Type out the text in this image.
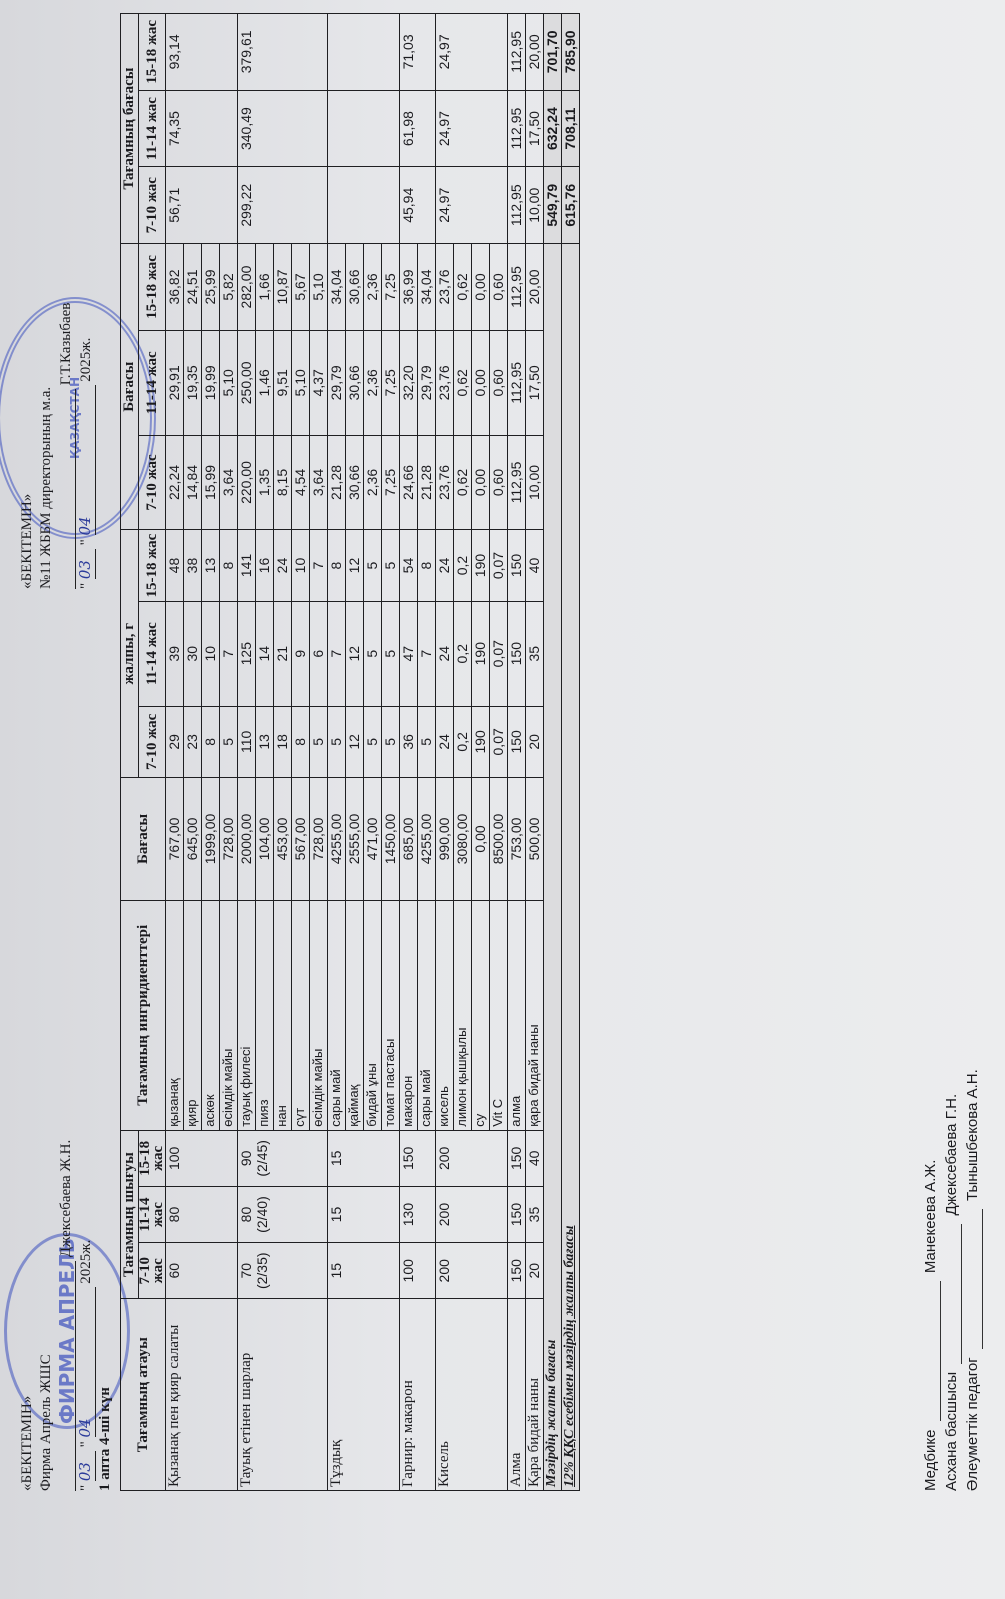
ФИРМА АПРЕЛЬ
ҚАЗАҚСТАН
«БЕКІТЕМІН» Фирма Апрель ЖШС
Джексебаева Ж.Н.
" 03 " 04 2025ж.
1 апта 4-ші күн
«БЕКІТЕМІН» №11 ЖББМ директорының м.а.
Г.Т.Казыбаев
" 03 " 04 2025ж.
Тағамның атауы	Тағамның шығуы			Тағамның ингридиенттері	Бағасы	жалпы, г			Бағасы			Тағамның бағасы		
	7-10 жас	11-14 жас	15-18 жас			7-10 жас	11-14 жас	15-18 жас	7-10 жас	11-14 жас	15-18 жас	7-10 жас	11-14 жас	15-18 жас
Қызанақ пен қияр салаты	60	80	100	қызанақ	767,00	29	39	48	22,24	29,91	36,82	56,71	74,35	93,14
				қияр	645,00	23	30	38	14,84	19,35	24,51			
				аскөк	1999,00	8	10	13	15,99	19,99	25,99			
				өсімдік майы	728,00	5	7	8	3,64	5,10	5,82			
Тауық етінен шарлар	70 (2/35)	80 (2/40)	90 (2/45)	тауық филесі	2000,00	110	125	141	220,00	250,00	282,00	299,22	340,49	379,61
				пияз	104,00	13	14	16	1,35	1,46	1,66			
				нан	453,00	18	21	24	8,15	9,51	10,87			
				сүт	567,00	8	9	10	4,54	5,10	5,67			
				өсімдік майы	728,00	5	6	7	3,64	4,37	5,10			
Тұздық	15	15	15	сары май	4255,00	5	7	8	21,28	29,79	34,04			
				қаймақ	2555,00	12	12	12	30,66	30,66	30,66			
				бидай ұны	471,00	5	5	5	2,36	2,36	2,36			
				томат пастасы	1450,00	5	5	5	7,25	7,25	7,25			
Гарнир: макарон	100	130	150	макарон	685,00	36	47	54	24,66	32,20	36,99	45,94	61,98	71,03
				сары май	4255,00	5	7	8	21,28	29,79	34,04			
Кисель	200	200	200	кисель	990,00	24	24	24	23,76	23,76	23,76	24,97	24,97	24,97
				лимон қышқылы	3080,00	0,2	0,2	0,2	0,62	0,62	0,62			
				су	0,00	190	190	190	0,00	0,00	0,00			
				Vit C	8500,00	0,07	0,07	0,07	0,60	0,60	0,60			
Алма	150	150	150	алма	753,00	150	150	150	112,95	112,95	112,95	112,95	112,95	112,95
Қара бидай наны	20	35	40	қара бидай наны	500,00	20	35	40	10,00	17,50	20,00	10,00	17,50	20,00
Мәзірдің жалпы бағасы												549,79	632,24	701,70
12% ҚҚС есебімен мәзірдің жалпы бағасы												615,76	708,11	785,90
Медбике   Манекеева А.Ж.
Асхана басшысы   Джексебаева Г.Н.
Әлеуметтік педагог   Тынышбекова А.Н.
